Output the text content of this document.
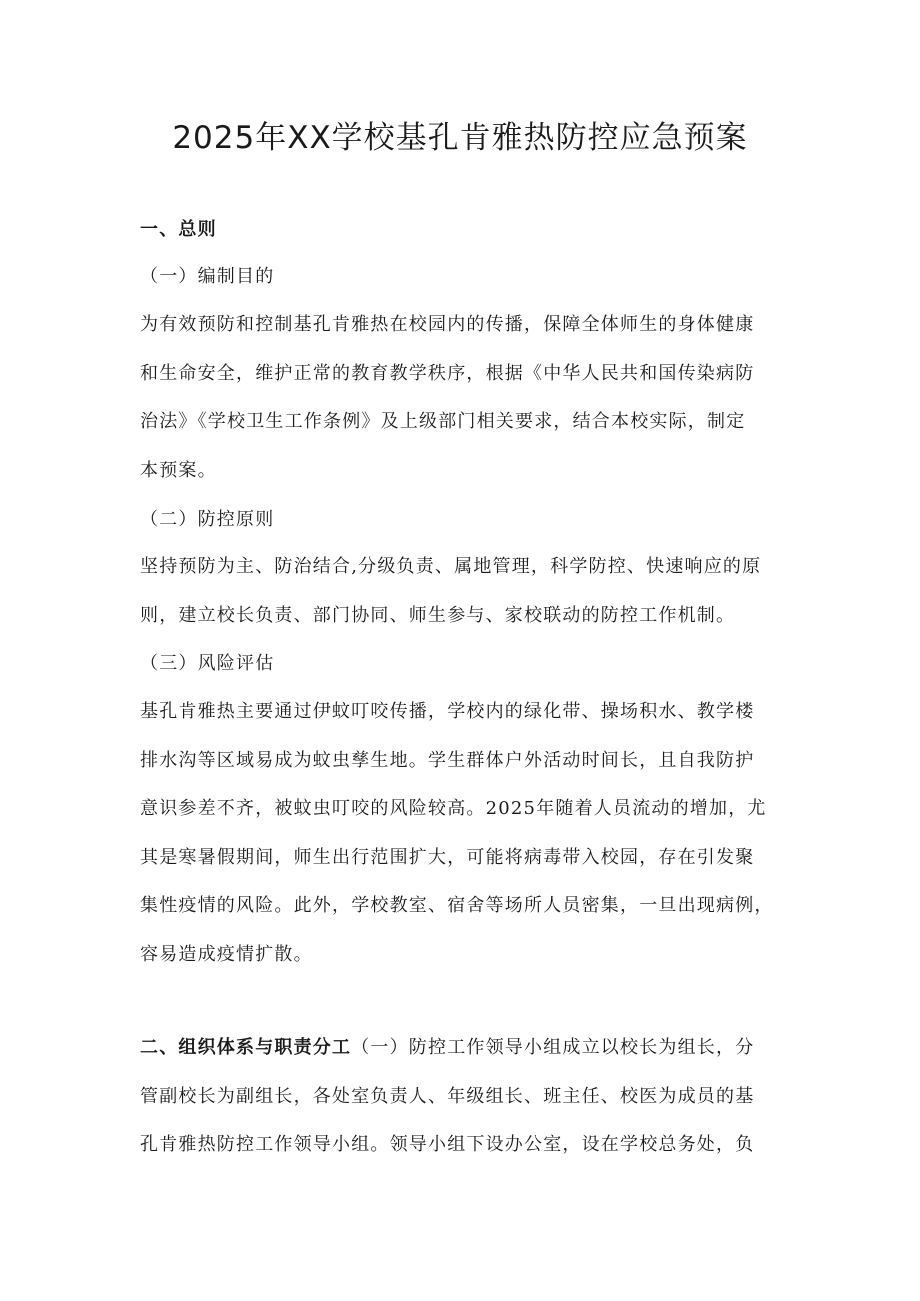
2025年XX学校基孔肯雅热防控应急预案
一、总则
（一）编制目的
为有效预防和控制基孔肯雅热在校园内的传播，保障全体师生的身体健康
和生命安全，维护正常的教育教学秩序，根据《中华人民共和国传染病防
治法》《学校卫生工作条例》及上级部门相关要求，结合本校实际，制定
本预案。
（二）防控原则
坚持预防为主、防治结合,分级负责、属地管理，科学防控、快速响应的原
则，建立校长负责、部门协同、师生参与、家校联动的防控工作机制。
（三）风险评估
基孔肯雅热主要通过伊蚊叮咬传播，学校内的绿化带、操场积水、教学楼
排水沟等区域易成为蚊虫孳生地。学生群体户外活动时间长，且自我防护
意识参差不齐，被蚊虫叮咬的风险较高。2025年随着人员流动的增加，尤
其是寒暑假期间，师生出行范围扩大，可能将病毒带入校园，存在引发聚
集性疫情的风险。此外，学校教室、宿舍等场所人员密集，一旦出现病例，
容易造成疫情扩散。
二、组织体系与职责分工（一）防控工作领导小组成立以校长为组长，分
管副校长为副组长，各处室负责人、年级组长、班主任、校医为成员的基
孔肯雅热防控工作领导小组。领导小组下设办公室，设在学校总务处，负
